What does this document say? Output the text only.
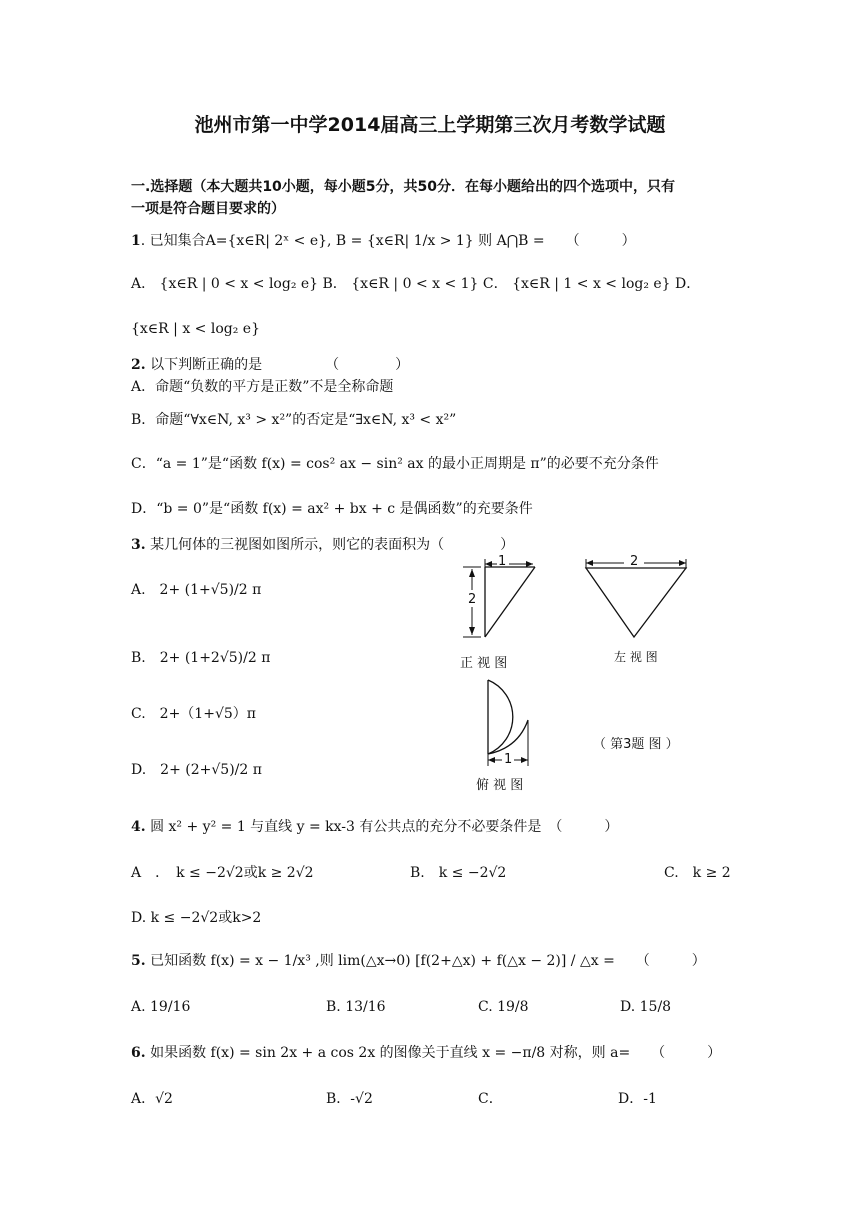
池州市第一中学2014届高三上学期第三次月考数学试题
一.选择题（本大题共10小题，每小题5分，共50分．在每小题给出的四个选项中，只有
一项是符合题目要求的）
1. 已知集合A={x∈R| 2ˣ < e}, B = {x∈R| 1/x > 1} 则 A⋂B =　　（　　　）
A． {x∈R | 0 < x < log₂ e} B． {x∈R | 0 < x < 1} C． {x∈R | 1 < x < log₂ e} D．
{x∈R | x < log₂ e}
2. 以下判断正确的是　　　　　（　　　　）
A．命题“负数的平方是正数”不是全称命题
B．命题“∀x∈N, x³ > x²”的否定是“∃x∈N, x³ < x²”
C．“a = 1”是“函数 f(x) = cos² ax − sin² ax 的最小正周期是 π”的必要不充分条件
D．“b = 0”是“函数 f(x) = ax² + bx + c 是偶函数”的充要条件
3. 某几何体的三视图如图所示，则它的表面积为（　　　　）
A.　2+ (1+√5)/2 π
B.　2+ (1+2√5)/2 π
C.　2+（1+√5）π
D.　2+ (2+√5)/2 π
1
2
正 视 图
2
左 视 图
1
俯 视 图
（ 第3题 图 ）
4. 圆 x² + y² = 1 与直线 y = kx-3 有公共点的充分不必要条件是　（　　　）
A　．　k ≤ −2√2或k ≥ 2√2	B.　k ≤ −2√2	C.　k ≥ 2
D. k ≤ −2√2或k>2
5. 已知函数 f(x) = x − 1/x³ ,则 lim(△x→0) [f(2+△x) + f(△x − 2)] / △x =　　（　　　）
A. 19/16	B. 13/16	C. 19/8	D. 15/8
6. 如果函数 f(x) = sin 2x + a cos 2x 的图像关于直线 x = −π/8 对称，则 a=　　（　　　）
A．√2	B．-√2	C．	D．-1
